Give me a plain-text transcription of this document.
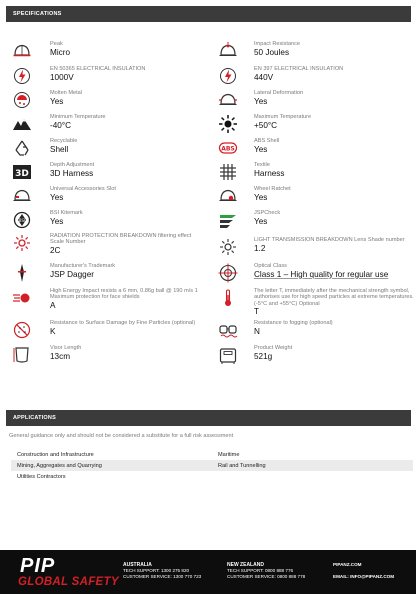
SPECIFICATIONS
Peak
Micro
EN 50365 ELECTRICAL INSULATION
1000V
Molten Metal
Yes
Minimum Temperature
-40°C
Recyclable
Shell
3D
Depth Adjustment
3D Harness
Universal Accessories Slot
Yes
BSI
BSI Kitemark
Yes
RADIATION PROTECTION BREAKDOWN filtering effect
Scale Number
2C
Manufacturer's Trademark
JSP Dagger
High Energy Impact resists a 6 mm, 0.86g ball @ 190 m/s 1
Maximum protection for face shields
A
Resistance to Surface Damage by Fine Particles (optional)
K
Visor Length
13cm
Impact Resistance
50 Joules
EN 397 ELECTRICAL INSULATION
440V
Lateral Deformation
Yes
Maximum Temperature
+50°C
ABS
ABS Shell
Yes
Textile
Harness
Wheel Ratchet
Yes
JSPCheck
Yes
LIGHT TRANSMISSION BREAKDOWN Lens Shade number
1.2
Optical Class
Class 1 – High quality for regular use
The letter T, immediately after the mechanical strength symbol, authorises use for high speed particles at extreme temperatures. (-5°C and +55°C) Optional
T
Resistance to fogging (optional)
N
Product Weight
521g
APPLICATIONS
General guidance only and should not be considered a substitute for a full risk assessment
Construction and Infrastructure	Maritime
Mining, Aggregates and Quarrying	Rail and Tunnelling
Utilities Contractors
PIP
GLOBAL SAFETY
AUSTRALIA
TECH SUPPORT: 1300 275 820
CUSTOMER SERVICE: 1300 770 723
NEW ZEALAND
TECH SUPPORT: 0800 888 776
CUSTOMER SERVICE: 0800 888 778
PIPANZ.COM
EMAIL: INFO@PIPANZ.COM
